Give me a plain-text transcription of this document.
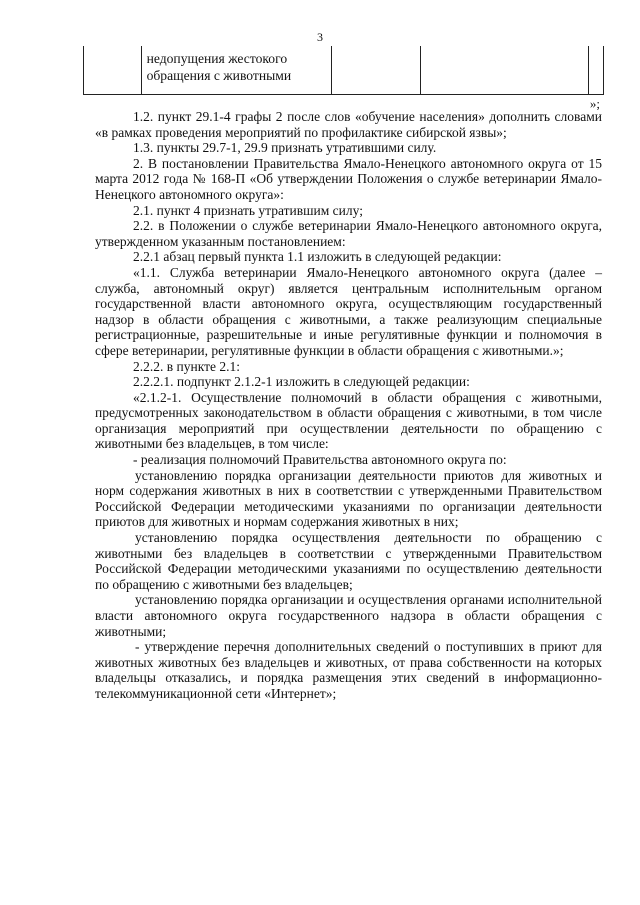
3

недопущения жестокого
обращения с животными

»;

1.2. пункт 29.1-4 графы 2 после слов «обучение населения» дополнить словами «в рамках проведения мероприятий по профилактике сибирской язвы»;

1.3. пункты 29.7-1, 29.9 признать утратившими силу.

2. В постановлении Правительства Ямало-Ненецкого автономного округа от 15 марта 2012 года № 168-П «Об утверждении Положения о службе ветеринарии Ямало-Ненецкого автономного округа»:

2.1. пункт 4 признать утратившим силу;

2.2. в Положении о службе ветеринарии Ямало-Ненецкого автономного округа, утвержденном указанным постановлением:

2.2.1 абзац первый пункта 1.1 изложить в следующей редакции:

«1.1. Служба ветеринарии Ямало-Ненецкого автономного округа (далее – служба, автономный округ) является центральным исполнительным органом государственной власти автономного округа, осуществляющим государственный надзор в области обращения с животными, а также реализующим специальные регистрационные, разрешительные и иные регулятивные функции и полномочия в сфере ветеринарии, регулятивные функции в области обращения с животными.»;

2.2.2. в пункте 2.1:

2.2.2.1. подпункт 2.1.2-1 изложить в следующей редакции:

«2.1.2-1. Осуществление полномочий в области обращения с животными, предусмотренных законодательством в области обращения с животными, в том числе организация мероприятий при осуществлении деятельности по обращению с животными без владельцев, в том числе:

- реализация полномочий Правительства автономного округа по:

установлению порядка организации деятельности приютов для животных и норм содержания животных в них в соответствии с утвержденными Правительством Российской Федерации методическими указаниями по организации деятельности приютов для животных и нормам содержания животных в них;

установлению порядка осуществления деятельности по обращению с животными без владельцев в соответствии с утвержденными Правительством Российской Федерации методическими указаниями по осуществлению деятельности по обращению с животными без владельцев;

установлению порядка организации и осуществления органами исполнительной власти автономного округа государственного надзора в области обращения с животными;

- утверждение перечня дополнительных сведений о поступивших в приют для животных животных без владельцев и животных, от права собственности на которых владельцы отказались, и порядка размещения этих сведений в информационно-телекоммуникационной сети «Интернет»;
